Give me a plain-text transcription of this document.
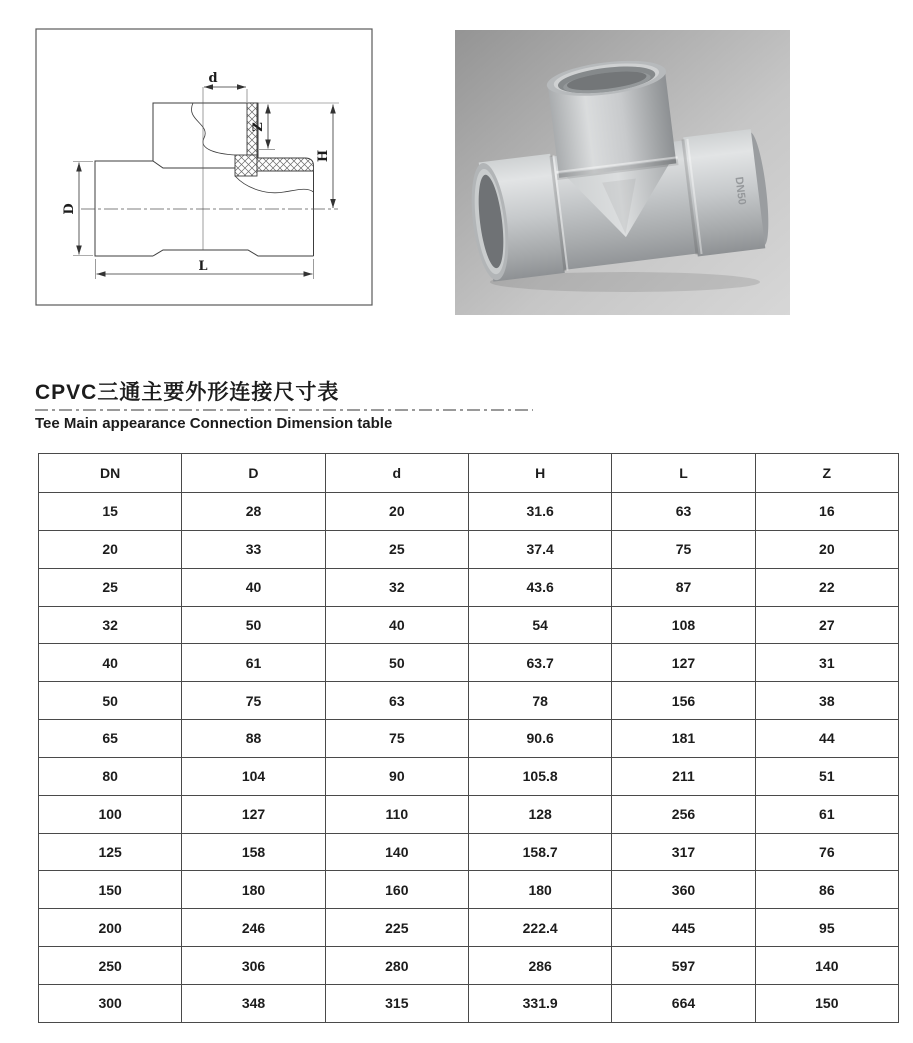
d
Z
H
D
L
DN50
CPVC三通主要外形连接尺寸表
Tee Main appearance Connection Dimension table
DN	D	d	H	L	Z
15	28	20	31.6	63	16
20	33	25	37.4	75	20
25	40	32	43.6	87	22
32	50	40	54	108	27
40	61	50	63.7	127	31
50	75	63	78	156	38
65	88	75	90.6	181	44
80	104	90	105.8	211	51
100	127	110	128	256	61
125	158	140	158.7	317	76
150	180	160	180	360	86
200	246	225	222.4	445	95
250	306	280	286	597	140
300	348	315	331.9	664	150
